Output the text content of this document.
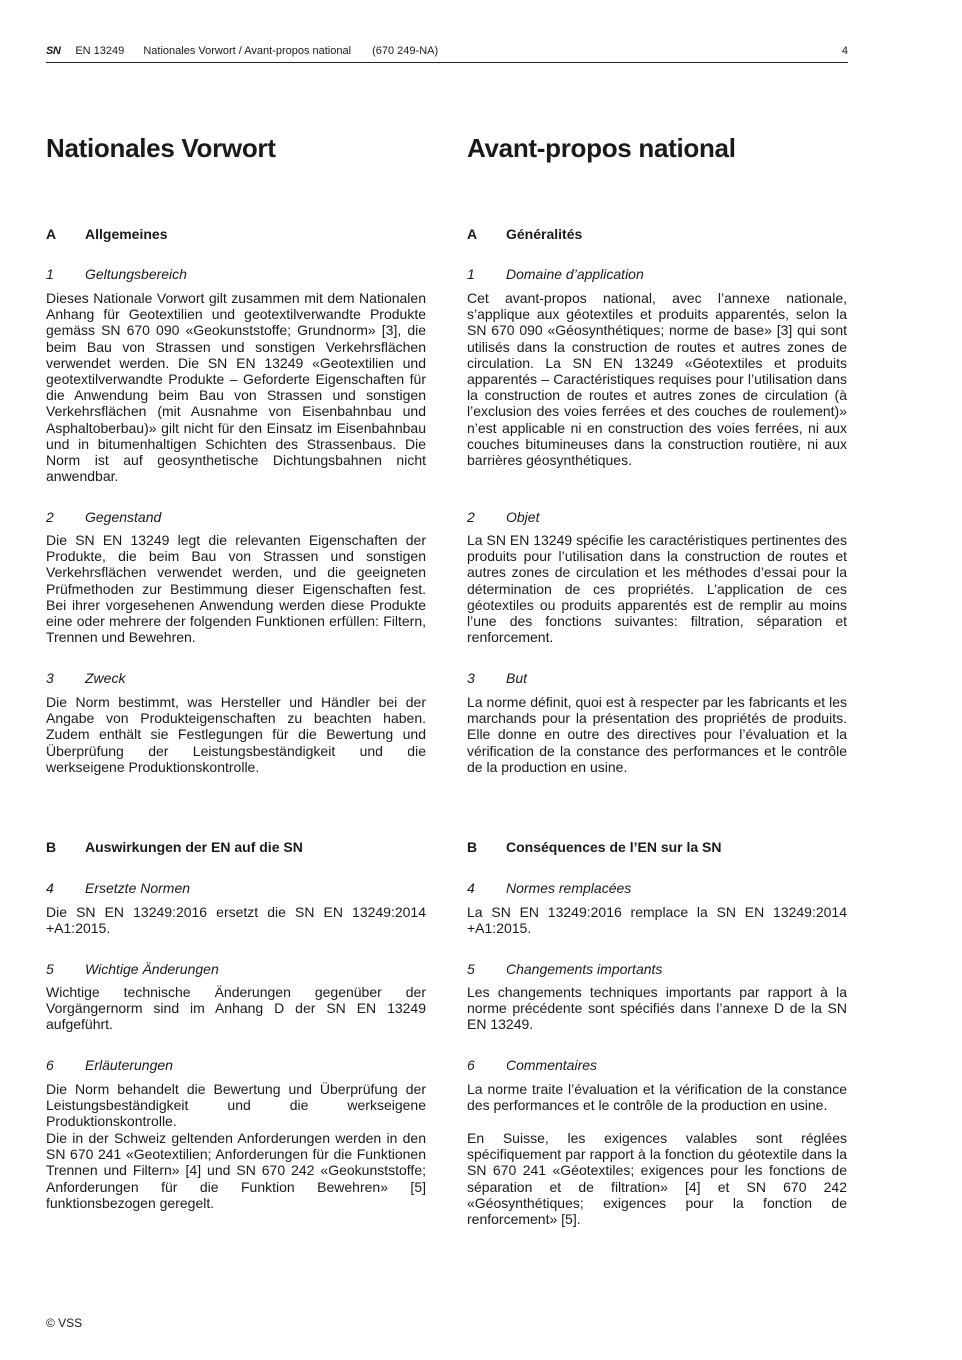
SN EN 13249 Nationales Vorwort / Avant-propos national (670 249-NA)	4
Nationales Vorwort
A Allgemeines
1 Geltungsbereich

Dieses Nationale Vorwort gilt zusammen mit dem Nationalen Anhang für Geotextilien und geotextilverwandte Produkte gemäss SN 670 090 «Geokunststoffe; Grundnorm» [3], die beim Bau von Strassen und sonstigen Verkehrsflächen verwendet werden. Die SN EN 13249 «Geotextilien und geotextilverwandte Produkte – Geforderte Eigenschaften für die Anwendung beim Bau von Strassen und sonstigen Verkehrsflächen (mit Ausnahme von Eisenbahnbau und Asphaltoberbau)» gilt nicht für den Einsatz im Eisenbahnbau und in bitumenhaltigen Schichten des Strassenbaus. Die Norm ist auf geosynthetische Dichtungsbahnen nicht anwendbar.

2 Gegenstand

Die SN EN 13249 legt die relevanten Eigenschaften der Produkte, die beim Bau von Strassen und sonstigen Verkehrsflächen verwendet werden, und die geeigneten Prüfmethoden zur Bestimmung dieser Eigenschaften fest. Bei ihrer vorgesehenen Anwendung werden diese Produkte eine oder mehrere der folgenden Funktionen erfüllen: Filtern, Trennen und Bewehren.

3 Zweck

Die Norm bestimmt, was Hersteller und Händler bei der Angabe von Produkteigenschaften zu beachten haben. Zudem enthält sie Festlegungen für die Bewertung und Überprüfung der Leistungsbeständigkeit und die werkseigene Produktionskontrolle.

B Auswirkungen der EN auf die SN
4 Ersetzte Normen

Die SN EN 13249:2016 ersetzt die SN EN 13249:2014 +A1:2015.

5 Wichtige Änderungen

Wichtige technische Änderungen gegenüber der Vorgängernorm sind im Anhang D der SN EN 13249 aufgeführt.

6 Erläuterungen

Die Norm behandelt die Bewertung und Überprüfung der Leistungsbeständigkeit und die werkseigene Produktionskontrolle.

Die in der Schweiz geltenden Anforderungen werden in den SN 670 241 «Geotextilien; Anforderungen für die Funktionen Trennen und Filtern» [4] und SN 670 242 «Geokunststoffe; Anforderungen für die Funktion Bewehren» [5] funktionsbezogen geregelt.

Avant-propos national
A Généralités
1 Domaine d’application

Cet avant-propos national, avec l’annexe nationale, s’applique aux géotextiles et produits apparentés, selon la SN 670 090 «Géosynthétiques; norme de base» [3] qui sont utilisés dans la construction de routes et autres zones de circulation. La SN EN 13249 «Géotextiles et produits apparentés – Caractéristiques requises pour l’utilisation dans la construction de routes et autres zones de circulation (à l’exclusion des voies ferrées et des couches de roulement)» n’est applicable ni en construction des voies ferrées, ni aux couches bitumineuses dans la construction routière, ni aux barrières géosynthétiques.

2 Objet

La SN EN 13249 spécifie les caractéristiques pertinentes des produits pour l’utilisation dans la construction de routes et autres zones de circulation et les méthodes d’essai pour la détermination de ces propriétés. L’application de ces géotextiles ou produits apparentés est de remplir au moins l’une des fonctions suivantes: filtration, séparation et renforcement.

3 But

La norme définit, quoi est à respecter par les fabricants et les marchands pour la présentation des propriétés de produits. Elle donne en outre des directives pour l’évaluation et la vérification de la constance des performances et le contrôle de la production en usine.

B Conséquences de l’EN sur la SN
4 Normes remplacées

La SN EN 13249:2016 remplace la SN EN 13249:2014 +A1:2015.

5 Changements importants

Les changements techniques importants par rapport à la norme précédente sont spécifiés dans l’annexe D de la SN EN 13249.

6 Commentaires

La norme traite l’évaluation et la vérification de la constance des performances et le contrôle de la production en usine.

En Suisse, les exigences valables sont réglées spécifiquement par rapport à la fonction du géotextile dans la SN 670 241 «Géotextiles; exigences pour les fonctions de séparation et de filtration» [4] et SN 670 242 «Géosynthétiques; exigences pour la fonction de renforcement» [5].

© VSS
